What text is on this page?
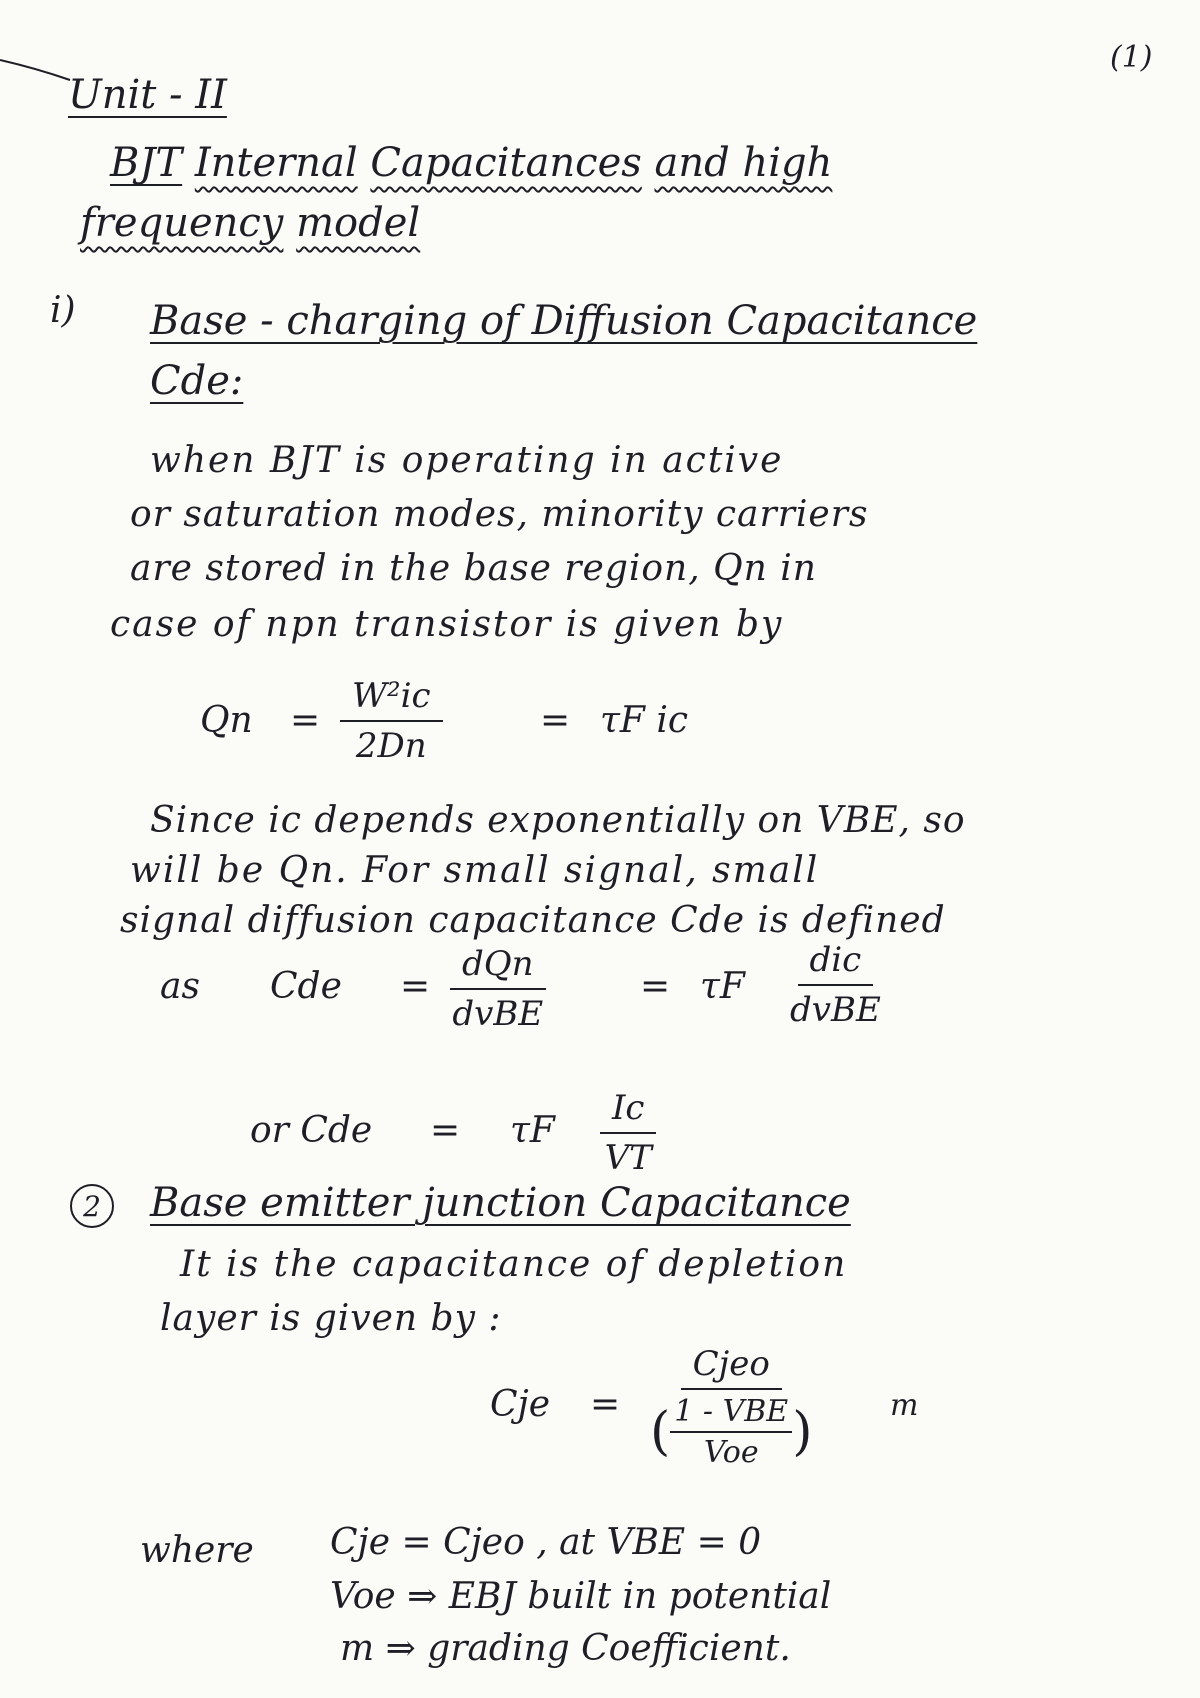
(1)
Unit - II
BJT Internal Capacitances and high
frequency model
i) Base - charging of Diffusion Capacitance
Cde:
when BJT is operating in active
or saturation modes, minority carriers
are stored in the base region, Qn in
case of npn transistor is given by
$Qn = \frac{\text{W²ic}}{2Dn}$	= τF ic
Since ic depends exponentially on VBE, so
will be Qn. For small signal, small
signal diffusion capacitance Cde is defined
as Cde =
dQn
dvBE
= τF
dic
dvBE
or Cde = τF $\frac{Ic}{VT}$
2	Base emitter junction Capacitance
It is the capacitance of depletion
layer is given by :
Cje =
Cjeo
( 1 - VBE
Voe )	m
where Cje = Cjeo , at VBE = 0
Voe ⇒ EBJ built in potential
m ⇒ grading Coefficient.
